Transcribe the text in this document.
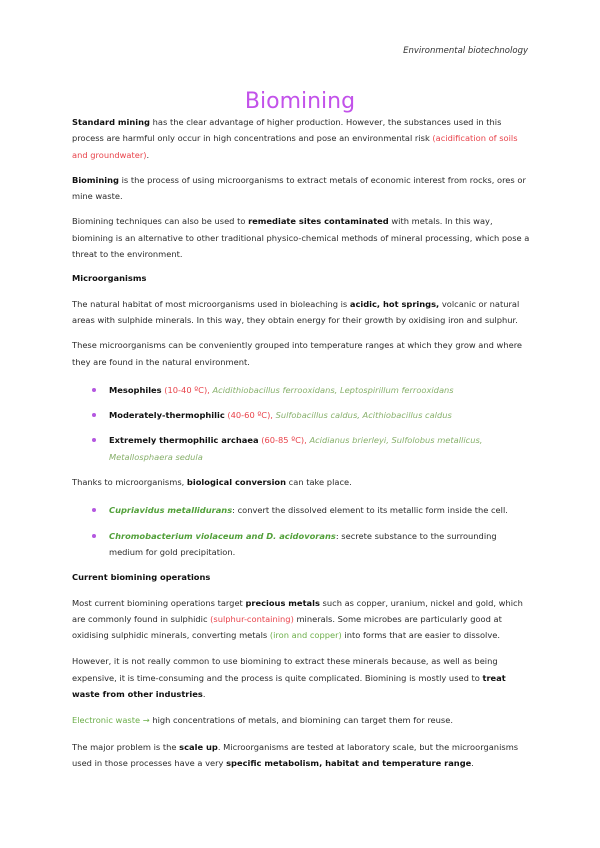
Environmental biotechnology
Biomining

Standard mining has the clear advantage of higher production. However, the substances used in this process are harmful only occur in high concentrations and pose an environmental risk (acidification of soils and groundwater).

Biomining is the process of using microorganisms to extract metals of economic interest from rocks, ores or mine waste.

Biomining techniques can also be used to remediate sites contaminated with metals. In this way, biomining is an alternative to other traditional physico-chemical methods of mineral processing, which pose a threat to the environment.

Microorganisms

The natural habitat of most microorganisms used in bioleaching is acidic, hot springs, volcanic or natural areas with sulphide minerals. In this way, they obtain energy for their growth by oxidising iron and sulphur.

These microorganisms can be conveniently grouped into temperature ranges at which they grow and where they are found in the natural environment.

Mesophiles (10-40 ºC), Acidithiobacillus ferrooxidans, Leptospirillum ferrooxidans
Moderately-thermophilic (40-60 ºC), Sulfobacillus caldus, Acithiobacillus caldus
Extremely thermophilic archaea (60-85 ºC), Acidianus brierleyi, Sulfolobus metallicus, Metallosphaera sedula

Thanks to microorganisms, biological conversion can take place.

Cupriavidus metallidurans: convert the dissolved element to its metallic form inside the cell.
Chromobacterium violaceum and D. acidovorans: secrete substance to the surrounding medium for gold precipitation.
Current biomining operations

Most current biomining operations target precious metals such as copper, uranium, nickel and gold, which are commonly found in sulphidic (sulphur-containing) minerals. Some microbes are particularly good at oxidising sulphidic minerals, converting metals (iron and copper) into forms that are easier to dissolve.

However, it is not really common to use biomining to extract these minerals because, as well as being expensive, it is time-consuming and the process is quite complicated. Biomining is mostly used to treat waste from other industries.

Electronic waste → high concentrations of metals, and biomining can target them for reuse.

The major problem is the scale up. Microorganisms are tested at laboratory scale, but the microorganisms used in those processes have a very specific metabolism, habitat and temperature range.
